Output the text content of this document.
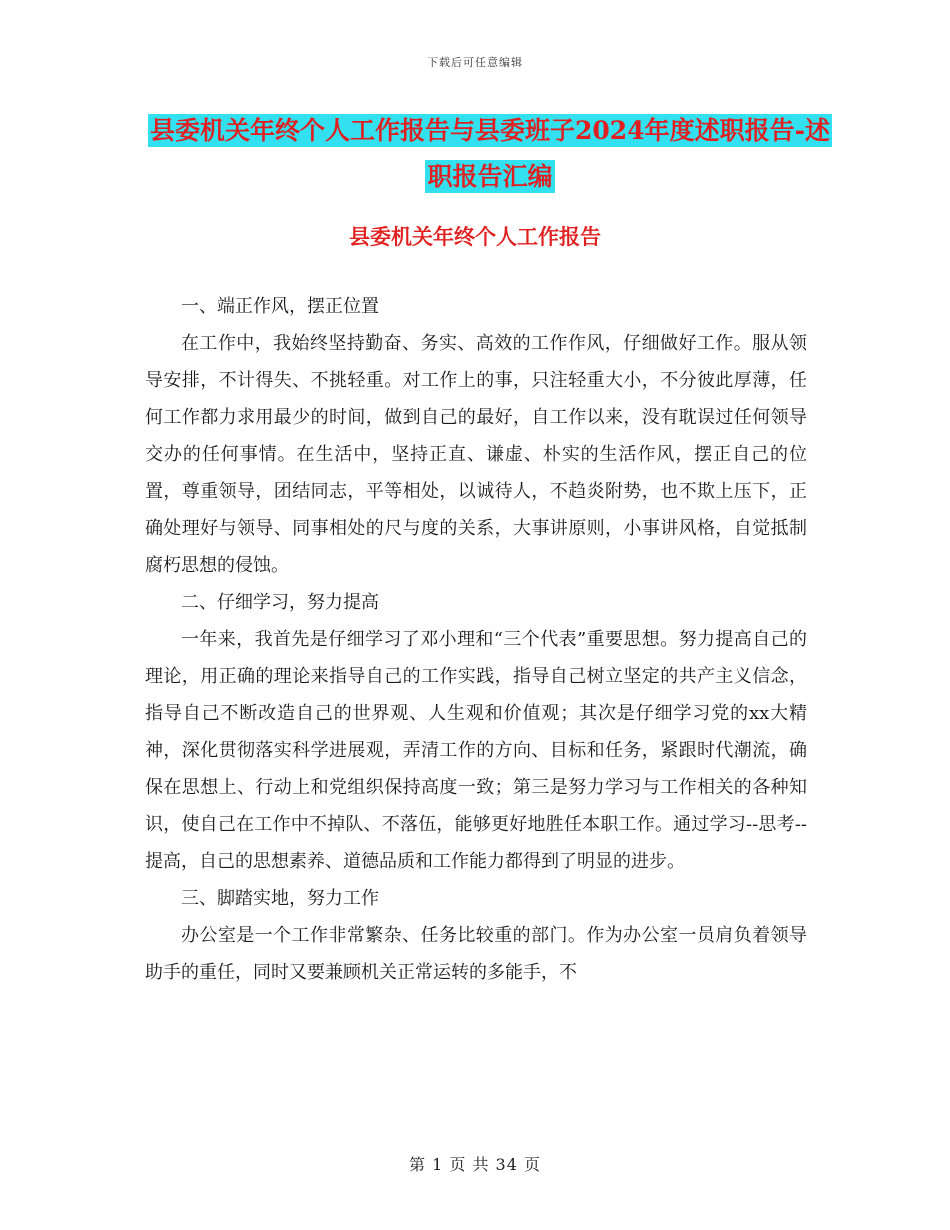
下载后可任意编辑
县委机关年终个人工作报告与县委班子2024年度述职报告-述职报告汇编
县委机关年终个人工作报告

一、端正作风，摆正位置

在工作中，我始终坚持勤奋、务实、高效的工作作风，仔细做好工作。服从领导安排，不计得失、不挑轻重。对工作上的事，只注轻重大小，不分彼此厚薄，任何工作都力求用最少的时间，做到自己的最好，自工作以来，没有耽误过任何领导交办的任何事情。在生活中，坚持正直、谦虚、朴实的生活作风，摆正自己的位置，尊重领导，团结同志，平等相处，以诚待人，不趋炎附势，也不欺上压下，正确处理好与领导、同事相处的尺与度的关系，大事讲原则，小事讲风格，自觉抵制腐朽思想的侵蚀。

二、仔细学习，努力提高

一年来，我首先是仔细学习了邓小理和“三个代表”重要思想。努力提高自己的理论，用正确的理论来指导自己的工作实践，指导自己树立坚定的共产主义信念，指导自己不断改造自己的世界观、人生观和价值观；其次是仔细学习党的xx大精神，深化贯彻落实科学进展观，弄清工作的方向、目标和任务，紧跟时代潮流，确保在思想上、行动上和党组织保持高度一致；第三是努力学习与工作相关的各种知识，使自己在工作中不掉队、不落伍，能够更好地胜任本职工作。通过学习--思考--提高，自己的思想素养、道德品质和工作能力都得到了明显的进步。

三、脚踏实地，努力工作

办公室是一个工作非常繁杂、任务比较重的部门。作为办公室一员肩负着领导助手的重任，同时又要兼顾机关正常运转的多能手，不

第 1 页 共 34 页
